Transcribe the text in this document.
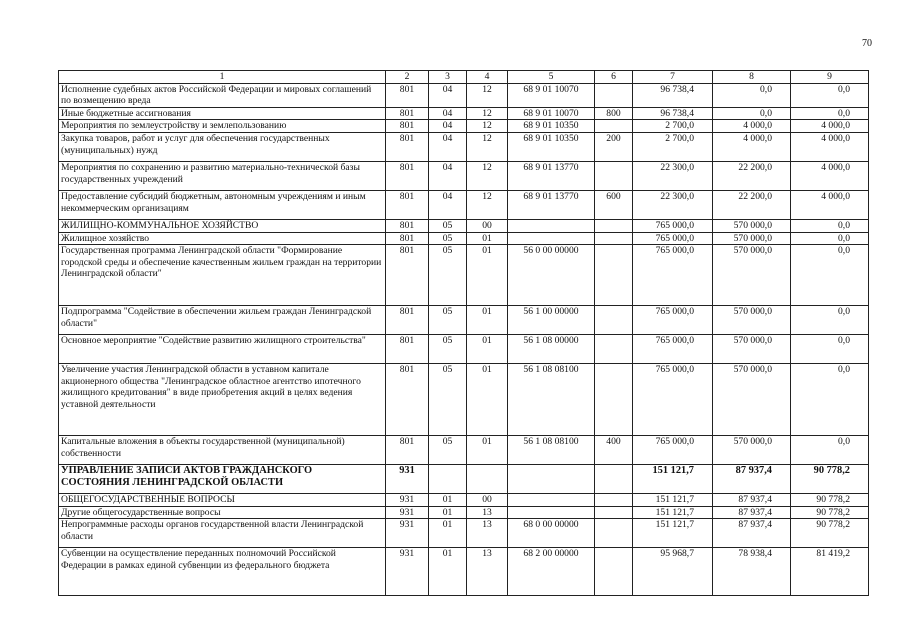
70
1	2	3	4	5	6	7	8	9
Исполнение судебных актов Российской Федерации и мировых соглашений по возмещению вреда	801	04	12	68 9 01 10070		96 738,4	0,0	0,0
Иные бюджетные ассигнования	801	04	12	68 9 01 10070	800	96 738,4	0,0	0,0
Мероприятия по землеустройству и землепользованию	801	04	12	68 9 01 10350		2 700,0	4 000,0	4 000,0
Закупка товаров, работ и услуг для обеспечения государственных (муниципальных) нужд	801	04	12	68 9 01 10350	200	2 700,0	4 000,0	4 000,0
Мероприятия по сохранению и развитию материально-технической базы государственных учреждений	801	04	12	68 9 01 13770		22 300,0	22 200,0	4 000,0
Предоставление субсидий бюджетным, автономным учреждениям и иным некоммерческим организациям	801	04	12	68 9 01 13770	600	22 300,0	22 200,0	4 000,0
ЖИЛИЩНО-КОММУНАЛЬНОЕ ХОЗЯЙСТВО	801	05	00			765 000,0	570 000,0	0,0
Жилищное хозяйство	801	05	01			765 000,0	570 000,0	0,0
Государственная программа Ленинградской области "Формирование городской среды и обеспечение качественным жильем граждан на территории Ленинградской области"	801	05	01	56 0 00 00000		765 000,0	570 000,0	0,0
Подпрограмма "Содействие в обеспечении жильем граждан Ленинградской области"	801	05	01	56 1 00 00000		765 000,0	570 000,0	0,0
Основное мероприятие "Содействие развитию жилищного строительства"	801	05	01	56 1 08 00000		765 000,0	570 000,0	0,0
Увеличение участия Ленинградской области в уставном капитале акционерного общества "Ленинградское областное агентство ипотечного жилищного кредитования" в виде приобретения акций в целях ведения уставной деятельности	801	05	01	56 1 08 08100		765 000,0	570 000,0	0,0
Капитальные вложения в объекты государственной (муниципальной) собственности	801	05	01	56 1 08 08100	400	765 000,0	570 000,0	0,0
УПРАВЛЕНИЕ ЗАПИСИ АКТОВ ГРАЖДАНСКОГО СОСТОЯНИЯ ЛЕНИНГРАДСКОЙ ОБЛАСТИ	931					151 121,7	87 937,4	90 778,2
ОБЩЕГОСУДАРСТВЕННЫЕ ВОПРОСЫ	931	01	00			151 121,7	87 937,4	90 778,2
Другие общегосударственные вопросы	931	01	13			151 121,7	87 937,4	90 778,2
Непрограммные расходы органов государственной власти Ленинградской области	931	01	13	68 0 00 00000		151 121,7	87 937,4	90 778,2
Субвенции на осуществление переданных полномочий Российской Федерации в рамках единой субвенции из федерального бюджета	931	01	13	68 2 00 00000		95 968,7	78 938,4	81 419,2
